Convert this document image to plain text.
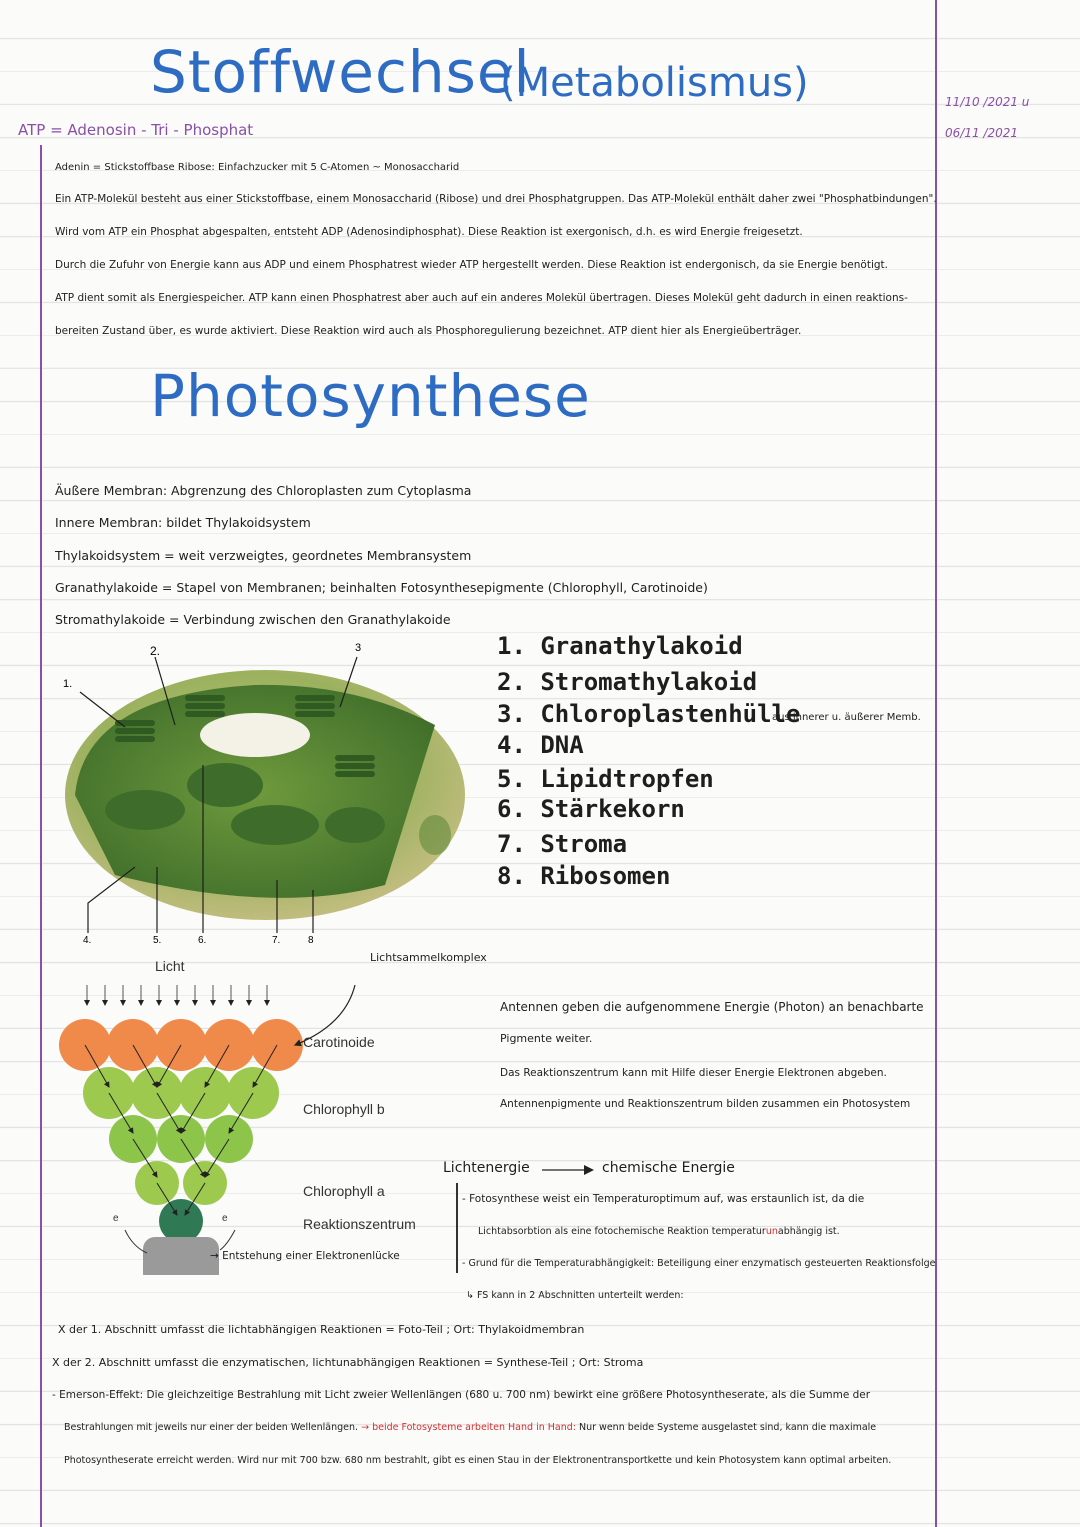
Stoffwechsel
(Metabolismus)	11/10 /2021 u
06/11 /2021
ATP = Adenosin - Tri - Phosphat
Adenin = Stickstoffbase Ribose: Einfachzucker mit 5 C-Atomen ~ Monosaccharid
Ein ATP-Molekül besteht aus einer Stickstoffbase, einem Monosaccharid (Ribose) und drei Phosphatgruppen. Das ATP-Molekül enthält daher zwei "Phosphatbindungen".
Wird vom ATP ein Phosphat abgespalten, entsteht ADP (Adenosindiphosphat). Diese Reaktion ist exergonisch, d.h. es wird Energie freigesetzt.
Durch die Zufuhr von Energie kann aus ADP und einem Phosphatrest wieder ATP hergestellt werden. Diese Reaktion ist endergonisch, da sie Energie benötigt.
ATP dient somit als Energiespeicher. ATP kann einen Phosphatrest aber auch auf ein anderes Molekül übertragen. Dieses Molekül geht dadurch in einen reaktions-
bereiten Zustand über, es wurde aktiviert. Diese Reaktion wird auch als Phosphoregulierung bezeichnet. ATP dient hier als Energieüberträger.
Photosynthese
Äußere Membran: Abgrenzung des Chloroplasten zum Cytoplasma
Innere Membran: bildet Thylakoidsystem
Thylakoidsystem = weit verzweigtes, geordnetes Membransystem
Granathylakoide = Stapel von Membranen; beinhalten Fotosynthesepigmente (Chlorophyll, Carotinoide)
Stromathylakoide = Verbindung zwischen den Granathylakoide
1.
2.	3
4.	5.	6.	7.	8
1. Granathylakoid
2. Stromathylakoid
3. Chloroplastenhülle
aus innerer u. äußerer Memb.
4. DNA
5. Lipidtropfen
6. Stärkekorn
7. Stroma
8. Ribosomen
Licht
Lichtsammelkomplex
e	e
Carotinoide
Chlorophyll b
Chlorophyll a
Reaktionszentrum
→ Entstehung einer Elektronenlücke
Antennen geben die aufgenommene Energie (Photon) an benachbarte
Pigmente weiter.
Das Reaktionszentrum kann mit Hilfe dieser Energie Elektronen abgeben.
Antennenpigmente und Reaktionszentrum bilden zusammen ein Photosystem
Lichtenergie	chemische Energie
- Fotosynthese weist ein Temperaturoptimum auf, was erstaunlich ist, da die
Lichtabsorbtion als eine fotochemische Reaktion temperaturunabhängig ist.
- Grund für die Temperaturabhängigkeit: Beteiligung einer enzymatisch gesteuerten Reaktionsfolge
↳ FS kann in 2 Abschnitten unterteilt werden:
X der 1. Abschnitt umfasst die lichtabhängigen Reaktionen = Foto-Teil ; Ort: Thylakoidmembran
X der 2. Abschnitt umfasst die enzymatischen, lichtunabhängigen Reaktionen = Synthese-Teil ; Ort: Stroma
- Emerson-Effekt: Die gleichzeitige Bestrahlung mit Licht zweier Wellenlängen (680 u. 700 nm) bewirkt eine größere Photosyntheserate, als die Summe der
Bestrahlungen mit jeweils nur einer der beiden Wellenlängen. → beide Fotosysteme arbeiten Hand in Hand: Nur wenn beide Systeme ausgelastet sind, kann die maximale
Photosyntheserate erreicht werden. Wird nur mit 700 bzw. 680 nm bestrahlt, gibt es einen Stau in der Elektronentransportkette und kein Photosystem kann optimal arbeiten.
